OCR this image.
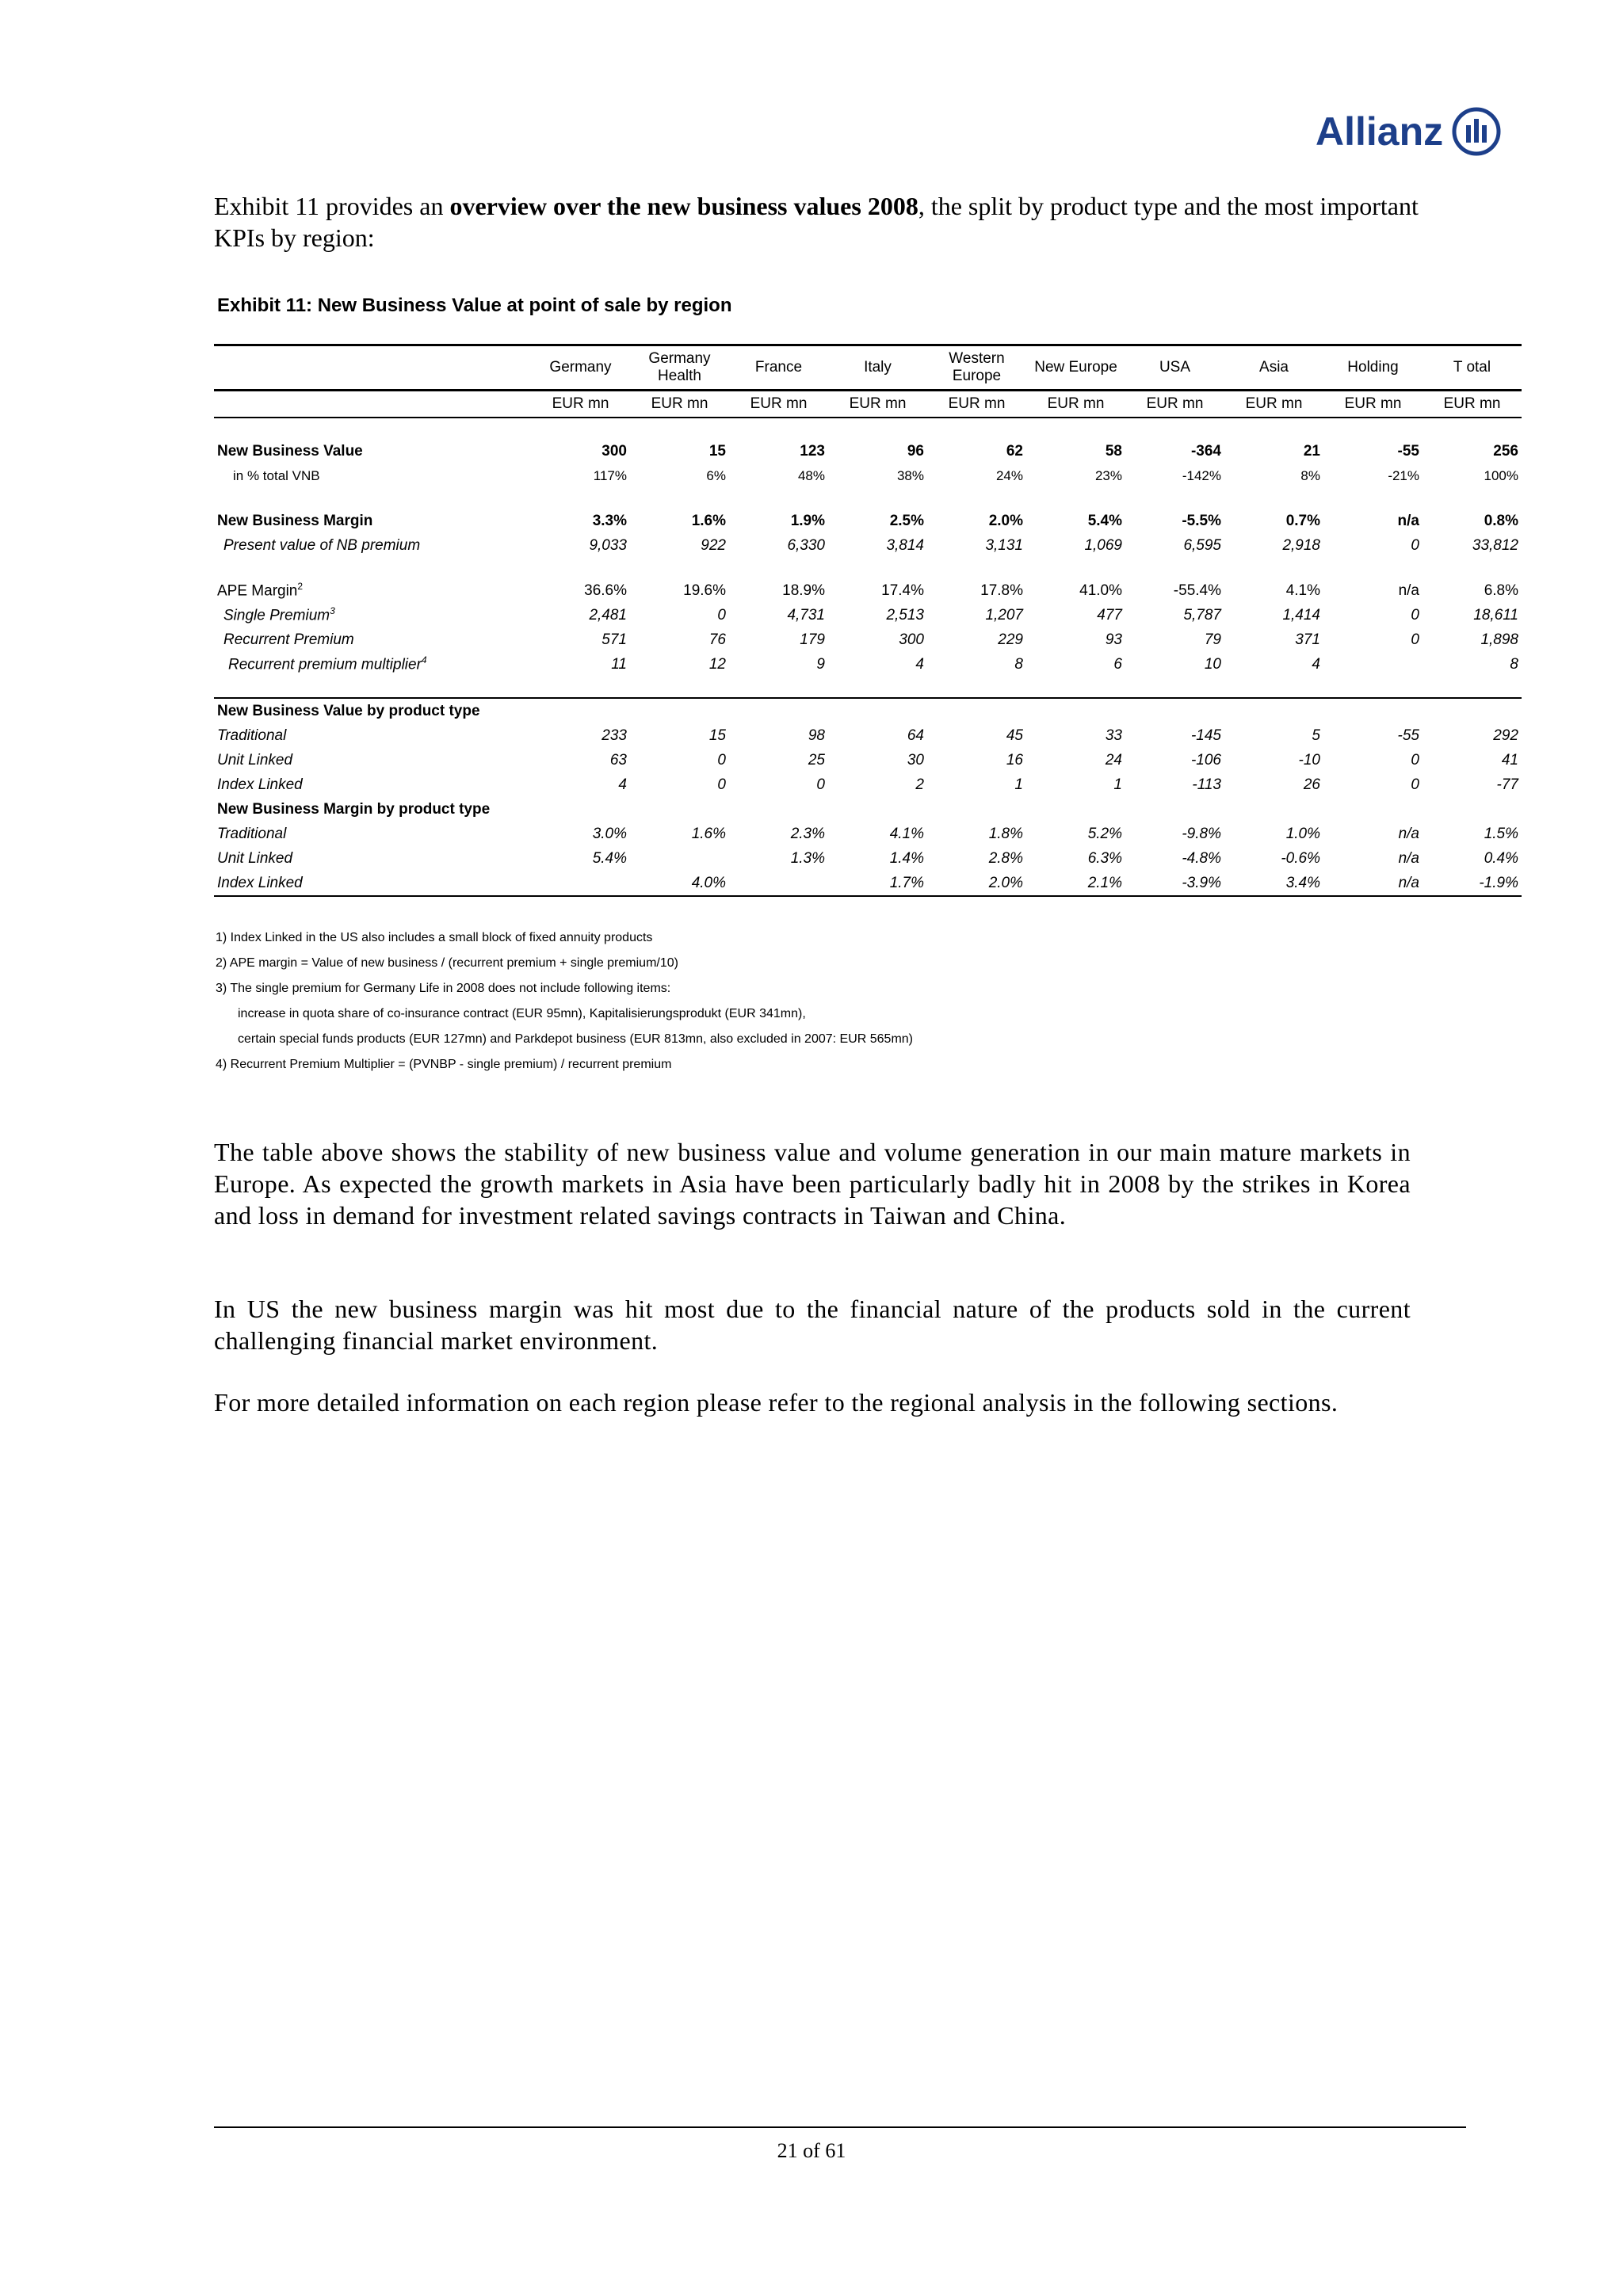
Allianz
Exhibit 11 provides an overview over the new business values 2008, the split by product type and the most important KPIs by region:
Exhibit 11: New Business Value at point of sale by region
	Germany	Germany Health	France	Italy	Western Europe	New Europe	USA	Asia	Holding	T otal
	EUR mn	EUR mn	EUR mn	EUR mn	EUR mn	EUR mn	EUR mn	EUR mn	EUR mn	EUR mn

New Business Value	300	15	123	96	62	58	-364	21	-55	256
in % total VNB	117%	6%	48%	38%	24%	23%	-142%	8%	-21%	100%

New Business Margin	3.3%	1.6%	1.9%	2.5%	2.0%	5.4%	-5.5%	0.7%	n/a	0.8%
Present value of NB premium	9,033	922	6,330	3,814	3,131	1,069	6,595	2,918	0	33,812

APE Margin$^2$	36.6%	19.6%	18.9%	17.4%	17.8%	41.0%	-55.4%	4.1%	n/a	6.8%
Single Premium$^3$	2,481	0	4,731	2,513	1,207	477	5,787	1,414	0	18,611
Recurrent Premium	571	76	179	300	229	93	79	371	0	1,898
Recurrent premium multiplier$^4$	11	12	9	4	8	6	10	4		8

New Business Value by product type										
Traditional	233	15	98	64	45	33	-145	5	-55	292
Unit Linked	63	0	25	30	16	24	-106	-10	0	41
Index Linked	4	0	0	2	1	1	-113	26	0	-77
New Business Margin by product type										
Traditional	3.0%	1.6%	2.3%	4.1%	1.8%	5.2%	-9.8%	1.0%	n/a	1.5%
Unit Linked	5.4%		1.3%	1.4%	2.8%	6.3%	-4.8%	-0.6%	n/a	0.4%
Index Linked		4.0%		1.7%	2.0%	2.1%	-3.9%	3.4%	n/a	-1.9%
1) Index Linked in the US also includes a small block of fixed annuity products
2) APE margin = Value of new business / (recurrent premium + single premium/10)
3) The single premium for Germany Life in 2008 does not include following items:
increase in quota share of co-insurance contract (EUR 95mn), Kapitalisierungsprodukt (EUR 341mn),
certain special funds products (EUR 127mn) and Parkdepot business (EUR 813mn, also excluded in 2007: EUR 565mn)
4) Recurrent Premium Multiplier = (PVNBP - single premium) / recurrent premium
The table above shows the stability of new business value and volume generation in our main mature markets in Europe. As expected the growth markets in Asia have been particularly badly hit in 2008 by the strikes in Korea and loss in demand for investment related savings contracts in Taiwan and China.
In US the new business margin was hit most due to the financial nature of the products sold in the current challenging financial market environment.
For more detailed information on each region please refer to the regional analysis in the following sections.
21 of 61
